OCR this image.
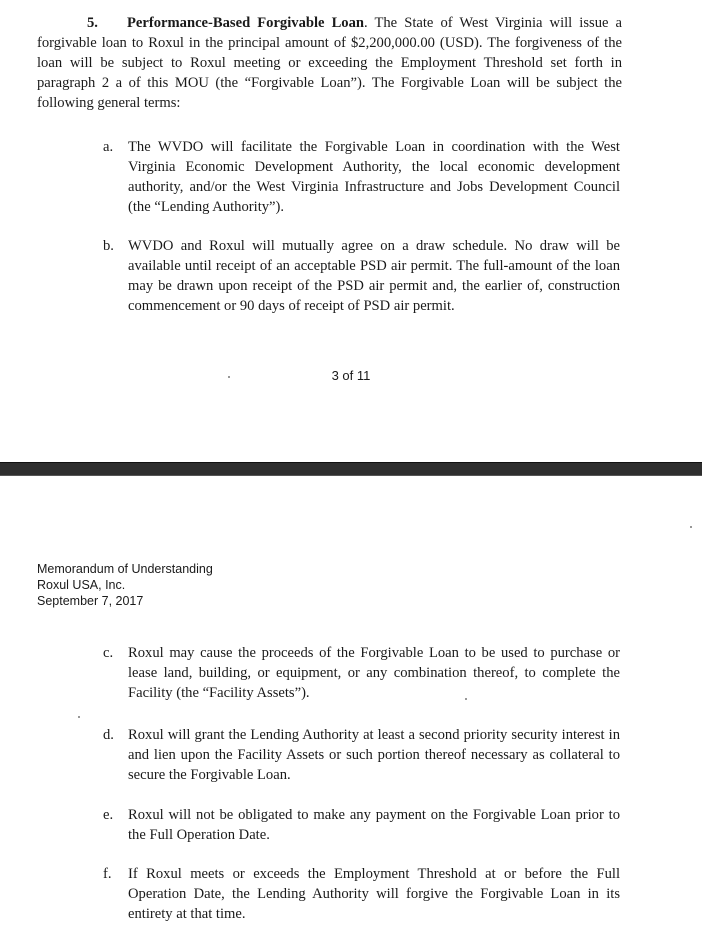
5. Performance-Based Forgivable Loan. The State of West Virginia will issue a forgivable loan to Roxul in the principal amount of $2,200,000.00 (USD). The forgiveness of the loan will be subject to Roxul meeting or exceeding the Employment Threshold set forth in paragraph 2 a of this MOU (the “Forgivable Loan”). The Forgivable Loan will be subject the following general terms:

a.	The WVDO will facilitate the Forgivable Loan in coordination with the West Virginia Economic Development Authority, the local economic development authority, and/or the West Virginia Infrastructure and Jobs Development Council (the “Lending Authority”).
b. WVDO and Roxul will mutually agree on a draw schedule. No draw will be available until receipt of an acceptable PSD air permit. The full-amount of the loan may be drawn upon receipt of the PSD air permit and, the earlier of, construction commencement or 90 days of receipt of PSD air permit.
3 of 11
Memorandum of Understanding
Roxul USA, Inc.
September 7, 2017
c.	Roxul may cause the proceeds of the Forgivable Loan to be used to purchase or lease land, building, or equipment, or any combination thereof, to complete the Facility (the “Facility Assets”).
d. Roxul will grant the Lending Authority at least a second priority security interest in and lien upon the Facility Assets or such portion thereof necessary as collateral to secure the Forgivable Loan.
e.	Roxul will not be obligated to make any payment on the Forgivable Loan prior to the Full Operation Date.
f.	If Roxul meets or exceeds the Employment Threshold at or before the Full Operation Date, the Lending Authority will forgive the Forgivable Loan in its entirety at that time.
